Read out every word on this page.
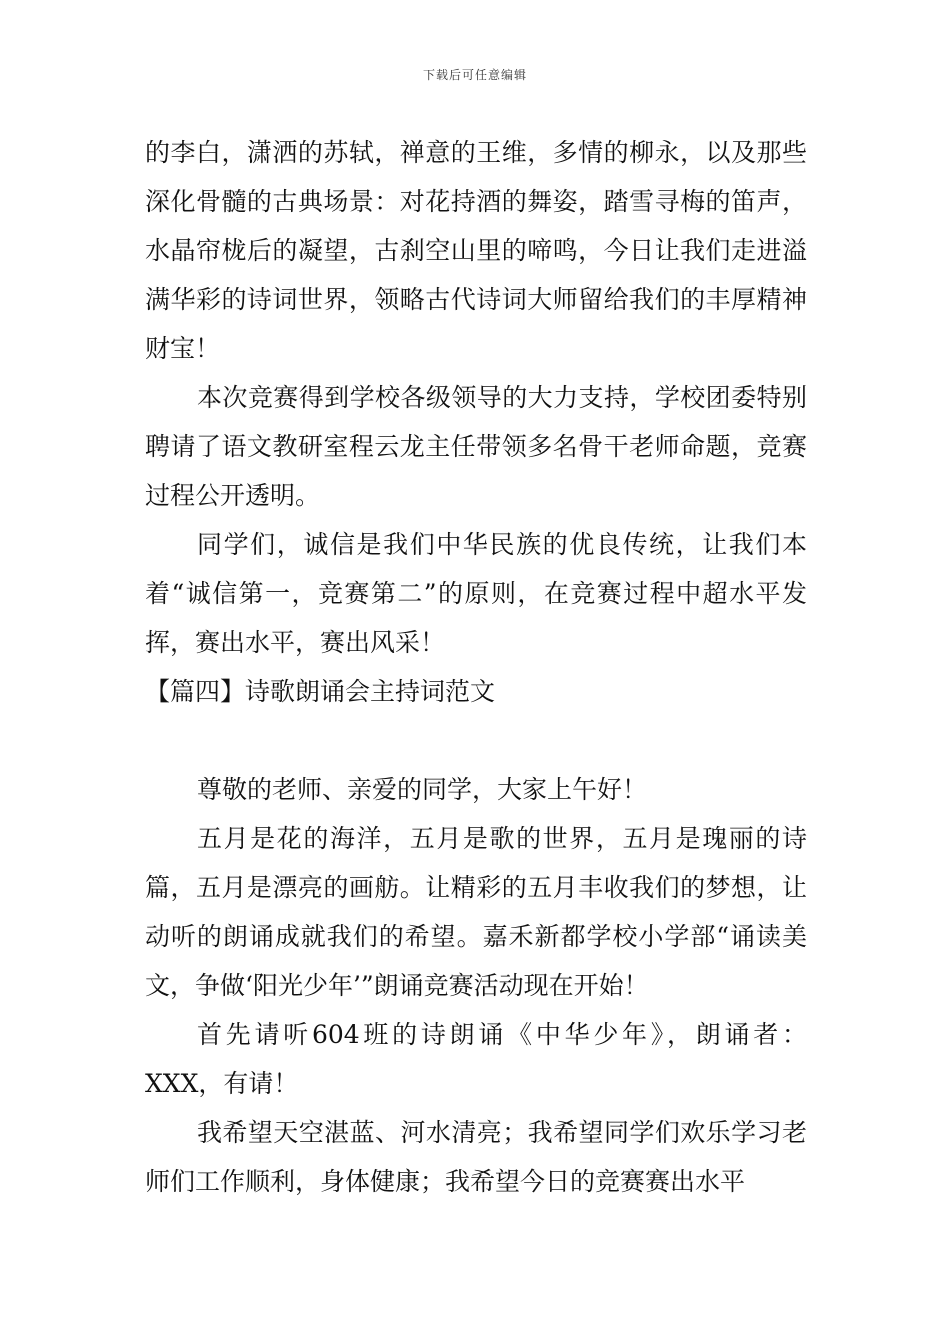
下载后可任意编辑

的李白，潇洒的苏轼，禅意的王维，多情的柳永，以及那些深化骨髓的古典场景：对花持酒的舞姿，踏雪寻梅的笛声，水晶帘栊后的凝望，古刹空山里的啼鸣，今日让我们走进溢满华彩的诗词世界，领略古代诗词大师留给我们的丰厚精神财宝！

本次竞赛得到学校各级领导的大力支持，学校团委特别聘请了语文教研室程云龙主任带领多名骨干老师命题，竞赛过程公开透明。

同学们，诚信是我们中华民族的优良传统，让我们本着“诚信第一，竞赛第二”的原则，在竞赛过程中超水平发挥，赛出水平，赛出风采！

【篇四】诗歌朗诵会主持词范文

尊敬的老师、亲爱的同学，大家上午好！

五月是花的海洋，五月是歌的世界，五月是瑰丽的诗篇，五月是漂亮的画舫。让精彩的五月丰收我们的梦想，让动听的朗诵成就我们的希望。嘉禾新都学校小学部“诵读美文，争做‘阳光少年’”朗诵竞赛活动现在开始！

首先请听604班的诗朗诵《中华少年》，朗诵者：XXX，有请！

我希望天空湛蓝、河水清亮；我希望同学们欢乐学习老师们工作顺利，身体健康；我希望今日的竞赛赛出水平
